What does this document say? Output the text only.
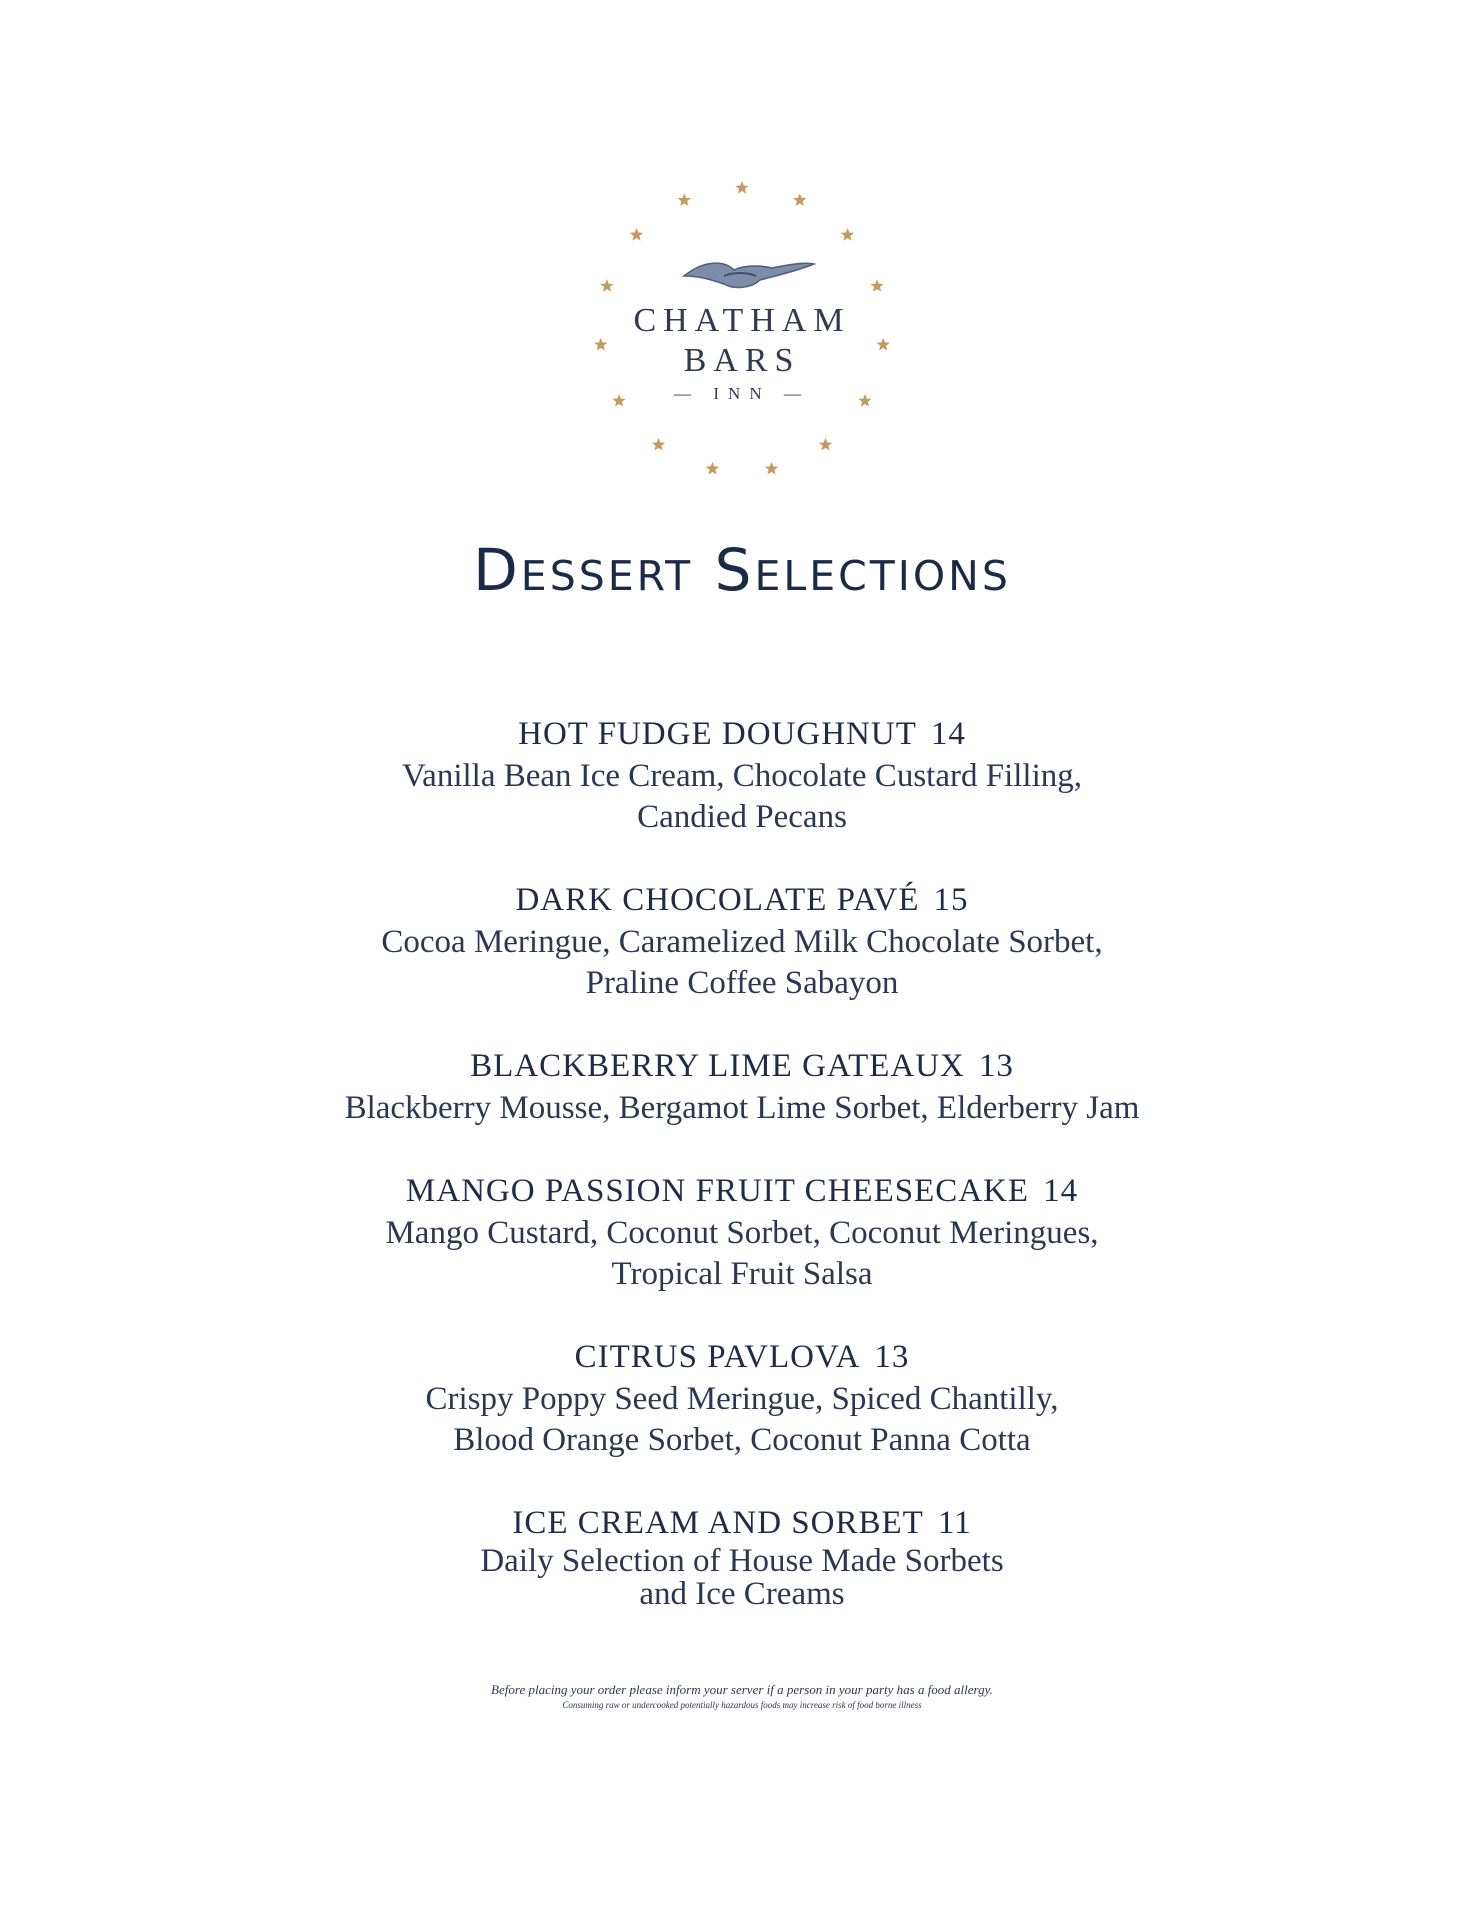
CHATHAM

BARS

— INN —

Dessert Selections

HOT FUDGE DOUGHNUT 14

Vanilla Bean Ice Cream, Chocolate Custard Filling,

Candied Pecans

DARK CHOCOLATE PAVÉ 15

Cocoa Meringue, Caramelized Milk Chocolate Sorbet,

Praline Coffee Sabayon

BLACKBERRY LIME GATEAUX 13

Blackberry Mousse, Bergamot Lime Sorbet, Elderberry Jam

MANGO PASSION FRUIT CHEESECAKE 14

Mango Custard, Coconut Sorbet, Coconut Meringues,

Tropical Fruit Salsa

CITRUS PAVLOVA 13

Crispy Poppy Seed Meringue, Spiced Chantilly,

Blood Orange Sorbet, Coconut Panna Cotta

ICE CREAM AND SORBET 11

Daily Selection of House Made Sorbets

and Ice Creams

Before placing your order please inform your server if a person in your party has a food allergy.

Consuming raw or undercooked potentially hazardous foods may increase risk of food borne illness
